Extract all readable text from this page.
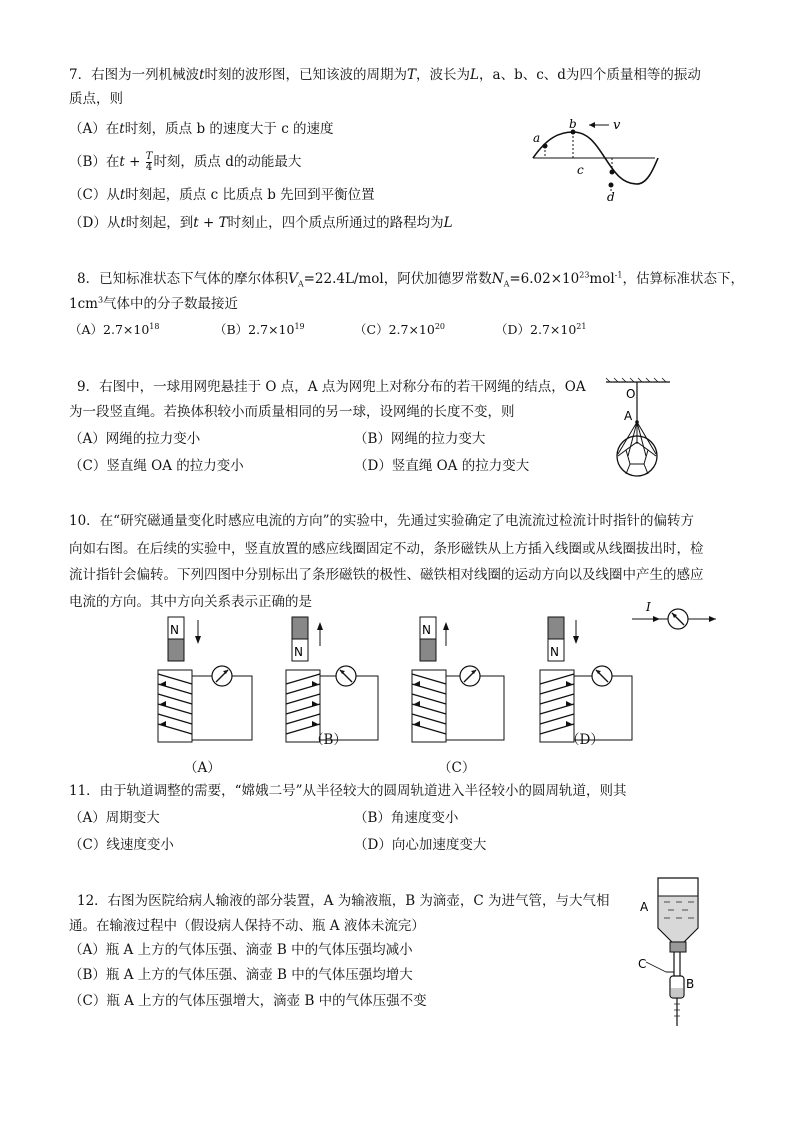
7．右图为一列机械波t时刻的波形图，已知该波的周期为T，波长为L，a、b、c、d为四个质量相等的振动
质点，则
（A）在t时刻，质点 b 的速度大于 c 的速度
（B）在$t + \frac{T}{4}$ 时刻，质点 d的动能最大
（C）从t时刻起，质点 c 比质点 b 先回到平衡位置
（D）从t时刻起，到t + T时刻止，四个质点所通过的路程均为L
a
b
c
d
v
8．已知标准状态下气体的摩尔体积$V_A=22.4L$/mol，阿伏加德罗常数$N_A=6.02\times 10^{23}mol^{-1}$，估算标准状态下，
$1cm^3$气体中的分子数最接近
$(A)2.7\times 10^{18}$	$(B)2.7\times 10^{19}$	$(C)2.7\times 10^{20}$	$(D)2.7\times 10^{21}$
9．右图中，一球用网兜悬挂于 O 点，A 点为网兜上对称分布的若干网绳的结点，OA
为一段竖直绳。若换体积较小而质量相同的另一球，设网绳的长度不变，则
（A）网绳的拉力变小	（B）网绳的拉力变大
（C）竖直绳 OA 的拉力变小	（D）竖直绳 OA 的拉力变大
O
A
10．在“研究磁通量变化时感应电流的方向”的实验中，先通过实验确定了电流流过检流计时指针的偏转方
向如右图。在后续的实验中，竖直放置的感应线圈固定不动，条形磁铁从上方插入线圈或从线圈拔出时，检
流计指针会偏转。下列四图中分别标出了条形磁铁的极性、磁铁相对线圈的运动方向以及线圈中产生的感应
电流的方向。其中方向关系表示正确的是	I
N
（A）
N
（B）
N
（C）
N
（D）
11．由于轨道调整的需要，“嫦娥二号”从半径较大的圆周轨道进入半径较小的圆周轨道，则其
（A）周期变大	（B）角速度变小
（C）线速度变小	（D）向心加速度变大
12．右图为医院给病人输液的部分装置，A 为输液瓶，B 为滴壶，C 为进气管，与大气相
通。在输液过程中（假设病人保持不动、瓶 A 液体未流完）
（A）瓶 A 上方的气体压强、滴壶 B 中的气体压强均减小
（B）瓶 A 上方的气体压强、滴壶 B 中的气体压强均增大
（C）瓶 A 上方的气体压强增大，滴壶 B 中的气体压强不变
A
C
B
